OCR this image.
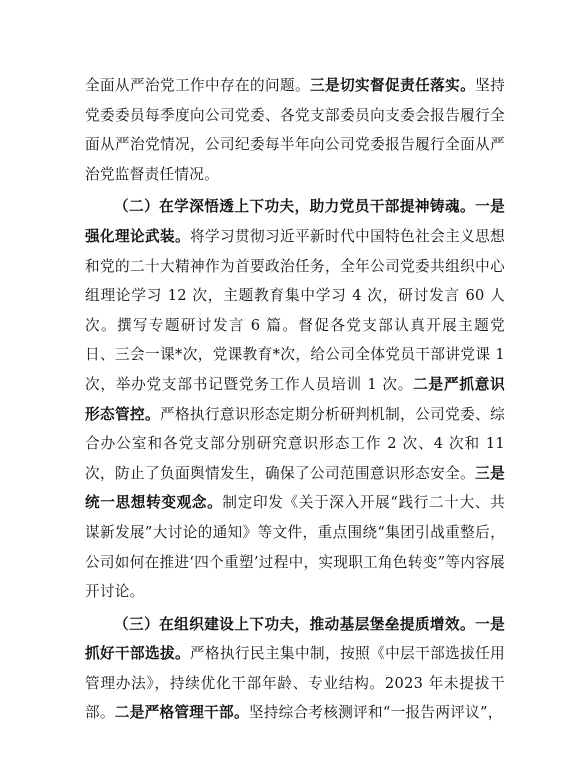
全面从严治党工作中存在的问题。三是切实督促责任落实。坚持党委委员每季度向公司党委、各党支部委员向支委会报告履行全面从严治党情况，公司纪委每半年向公司党委报告履行全面从严治党监督责任情况。

（二）在学深悟透上下功夫，助力党员干部提神铸魂。一是强化理论武装。将学习贯彻习近平新时代中国特色社会主义思想和党的二十大精神作为首要政治任务，全年公司党委共组织中心组理论学习 12 次，主题教育集中学习 4 次，研讨发言 60 人次。撰写专题研讨发言 6 篇。督促各党支部认真开展主题党日、三会一课*次，党课教育*次，给公司全体党员干部讲党课 1 次，举办党支部书记暨党务工作人员培训 1 次。二是严抓意识形态管控。严格执行意识形态定期分析研判机制，公司党委、综合办公室和各党支部分别研究意识形态工作 2 次、4 次和 11 次，防止了负面舆情发生，确保了公司范围意识形态安全。三是统一思想转变观念。制定印发《关于深入开展“践行二十大、共谋新发展”大讨论的通知》等文件，重点围绕“集团引战重整后，公司如何在推进‘四个重塑’过程中，实现职工角色转变”等内容展开讨论。

（三）在组织建设上下功夫，推动基层堡垒提质增效。一是抓好干部选拔。严格执行民主集中制，按照《中层干部选拔任用管理办法》，持续优化干部年龄、专业结构。2023 年未提拔干部。二是严格管理干部。坚持综合考核测评和“一报告两评议”，
